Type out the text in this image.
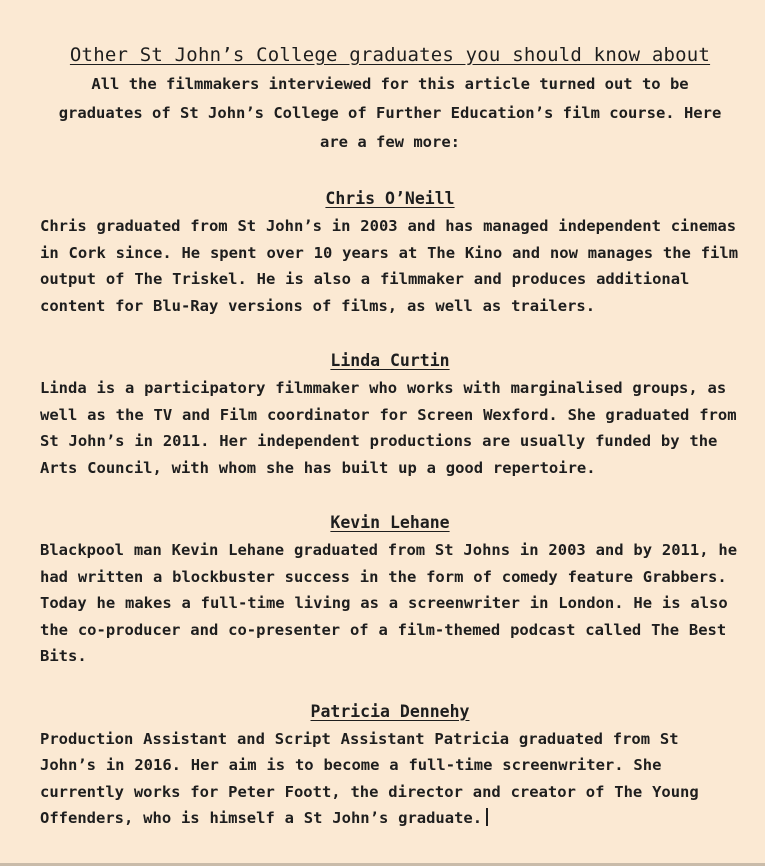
Other St John’s College graduates you should know about

All the filmmakers interviewed for this article turned out to be graduates of St John’s College of Further Education’s film course. Here are a few more:

Chris O’Neill

Chris graduated from St John’s in 2003 and has managed independent cinemas in Cork since. He spent over 10 years at The Kino and now manages the film output of The Triskel. He is also a filmmaker and produces additional content for Blu-Ray versions of films, as well as trailers.

Linda Curtin

Linda is a participatory filmmaker who works with marginalised groups, as well as the TV and Film coordinator for Screen Wexford. She graduated from St John’s in 2011. Her independent productions are usually funded by the Arts Council, with whom she has built up a good repertoire.

Kevin Lehane

Blackpool man Kevin Lehane graduated from St Johns in 2003 and by 2011, he had written a blockbuster success in the form of comedy feature Grabbers. Today he makes a full-time living as a screenwriter in London. He is also the co-producer and co-presenter of a film-themed podcast called The Best Bits.

Patricia Dennehy

Production Assistant and Script Assistant Patricia graduated from St John’s in 2016. Her aim is to become a full-time screenwriter. She currently works for Peter Foott, the director and creator of The Young Offenders, who is himself a St John’s graduate.
